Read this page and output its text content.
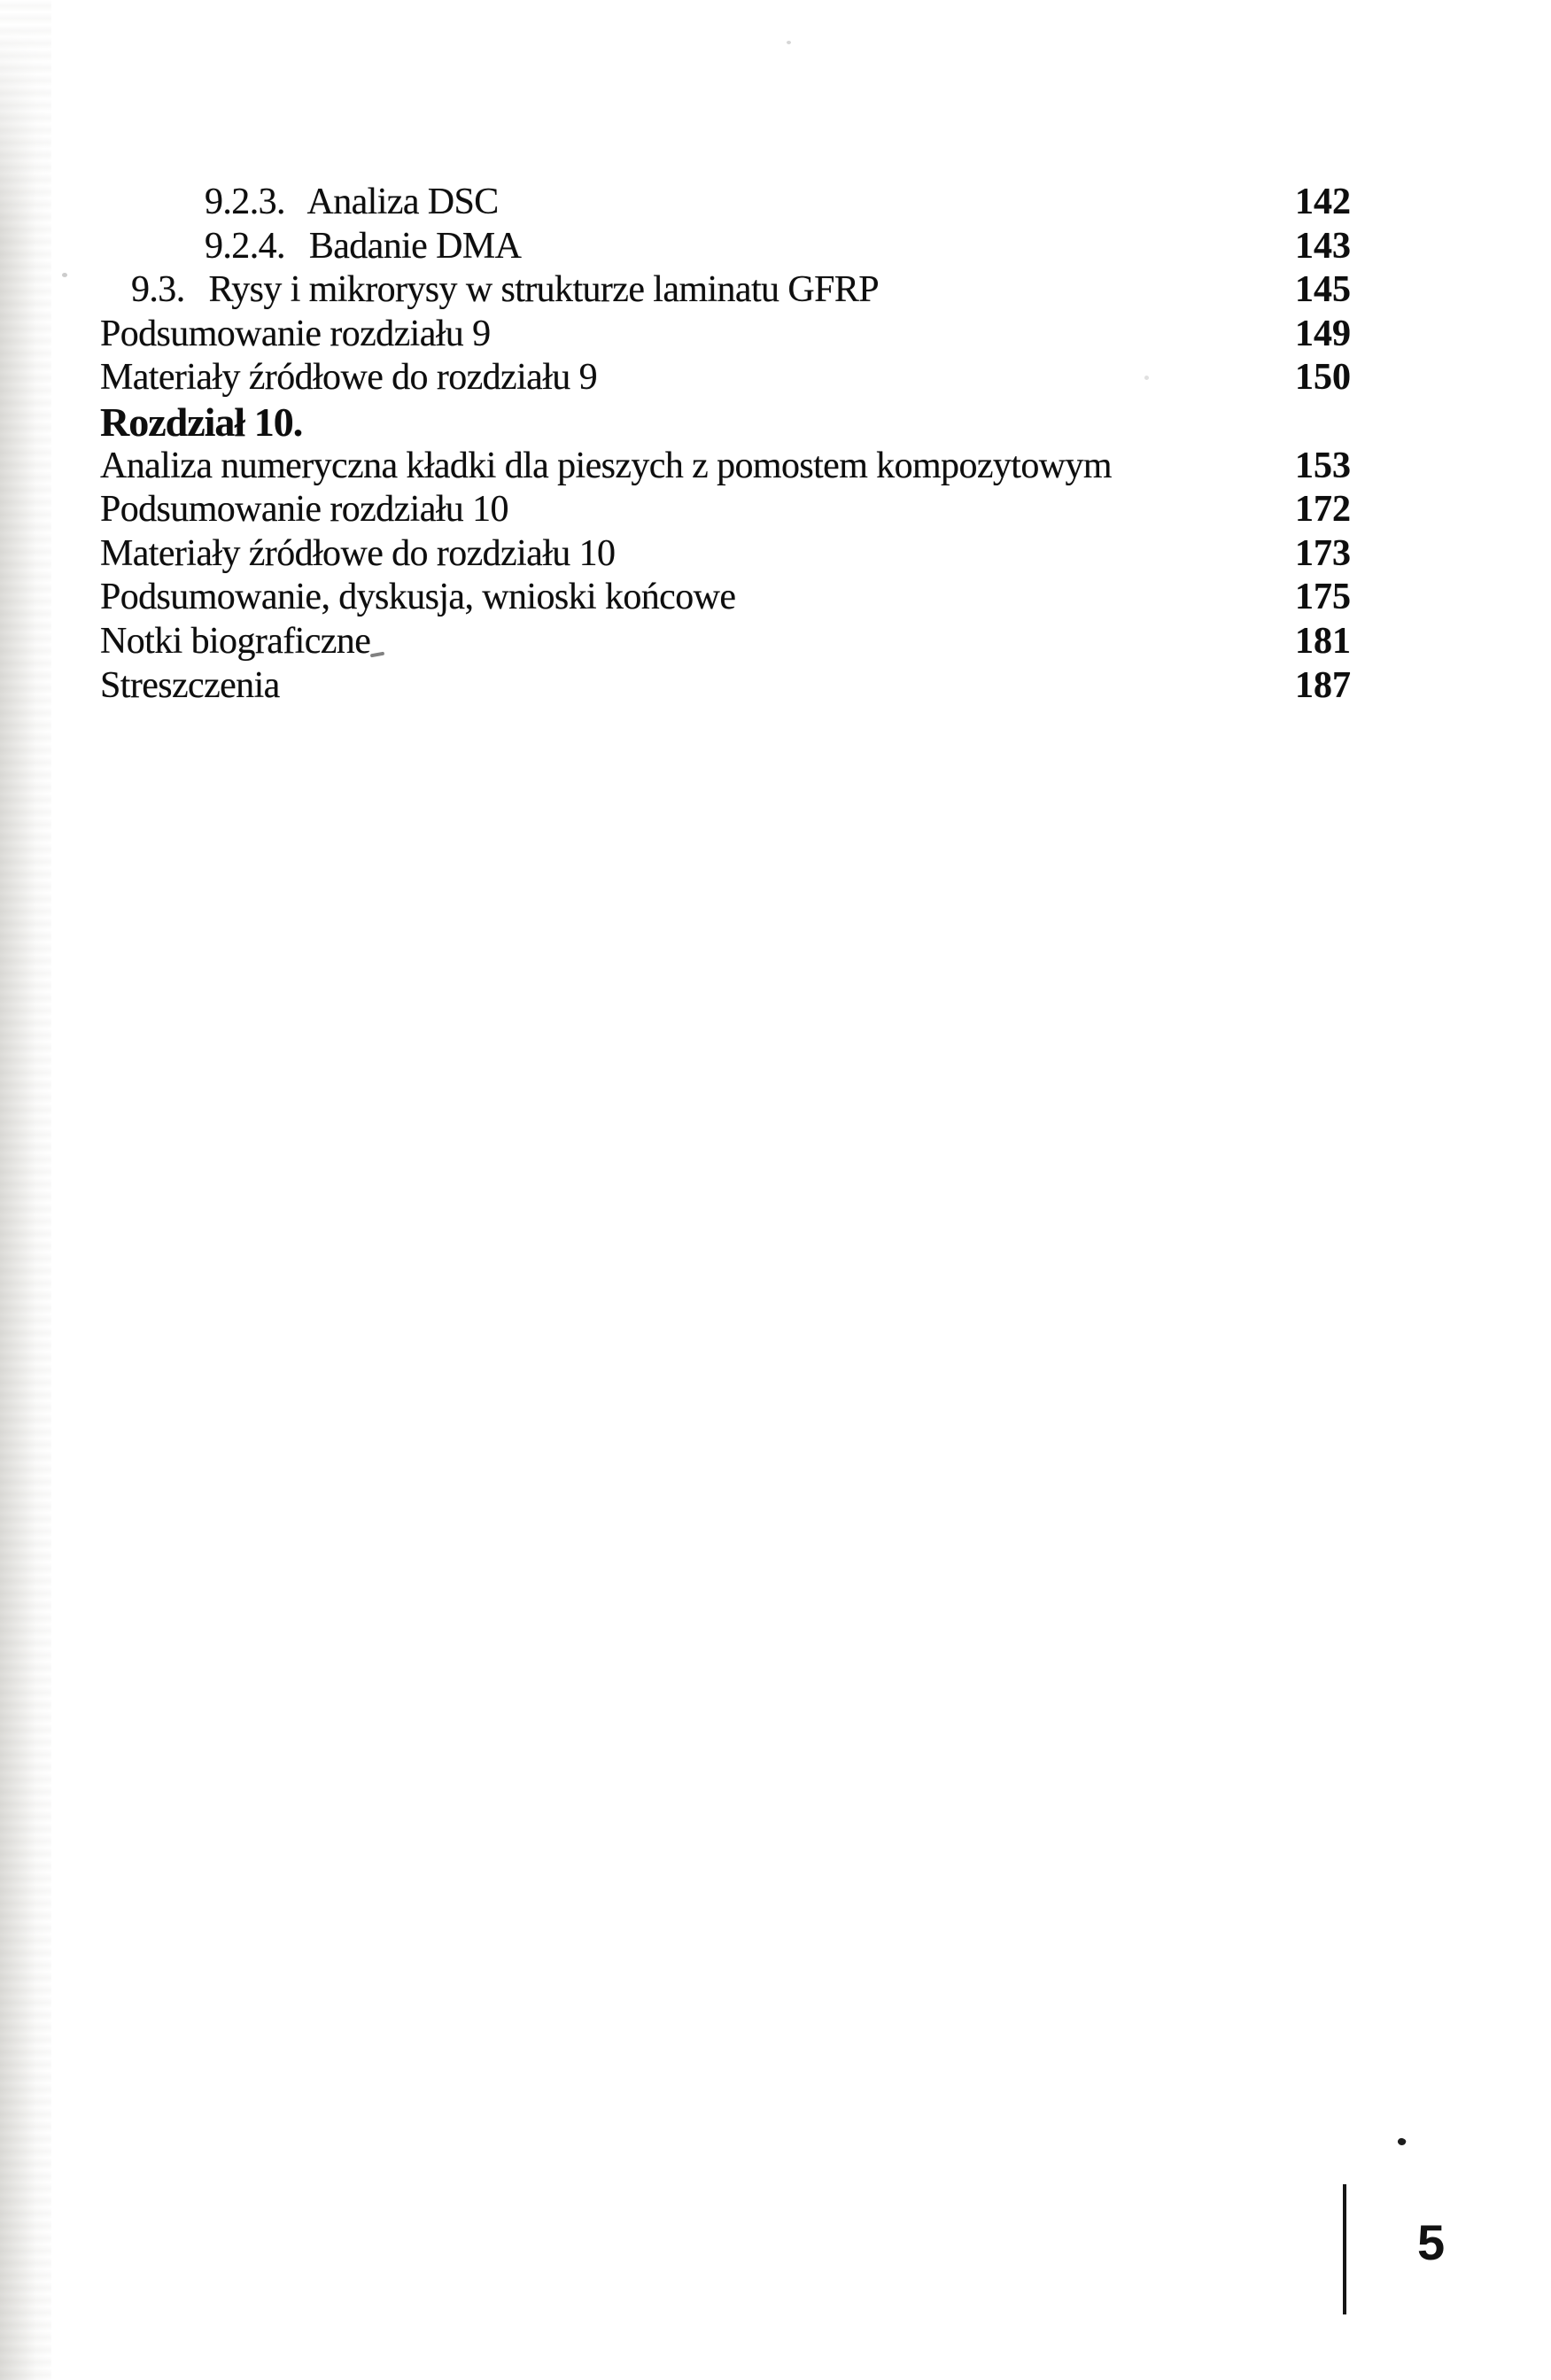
9.2.3. Analiza DSC	142
9.2.4. Badanie DMA	143
9.3. Rysy i mikrorysy w strukturze laminatu GFRP	145
Podsumowanie rozdziału 9	149
Materiały źródłowe do rozdziału 9	150
Rozdział 10.
Analiza numeryczna kładki dla pieszych z pomostem kompozytowym	153
Podsumowanie rozdziału 10	172
Materiały źródłowe do rozdziału 10	173
Podsumowanie, dyskusja, wnioski końcowe	175
Notki biograficzne	181
Streszczenia	187
5
